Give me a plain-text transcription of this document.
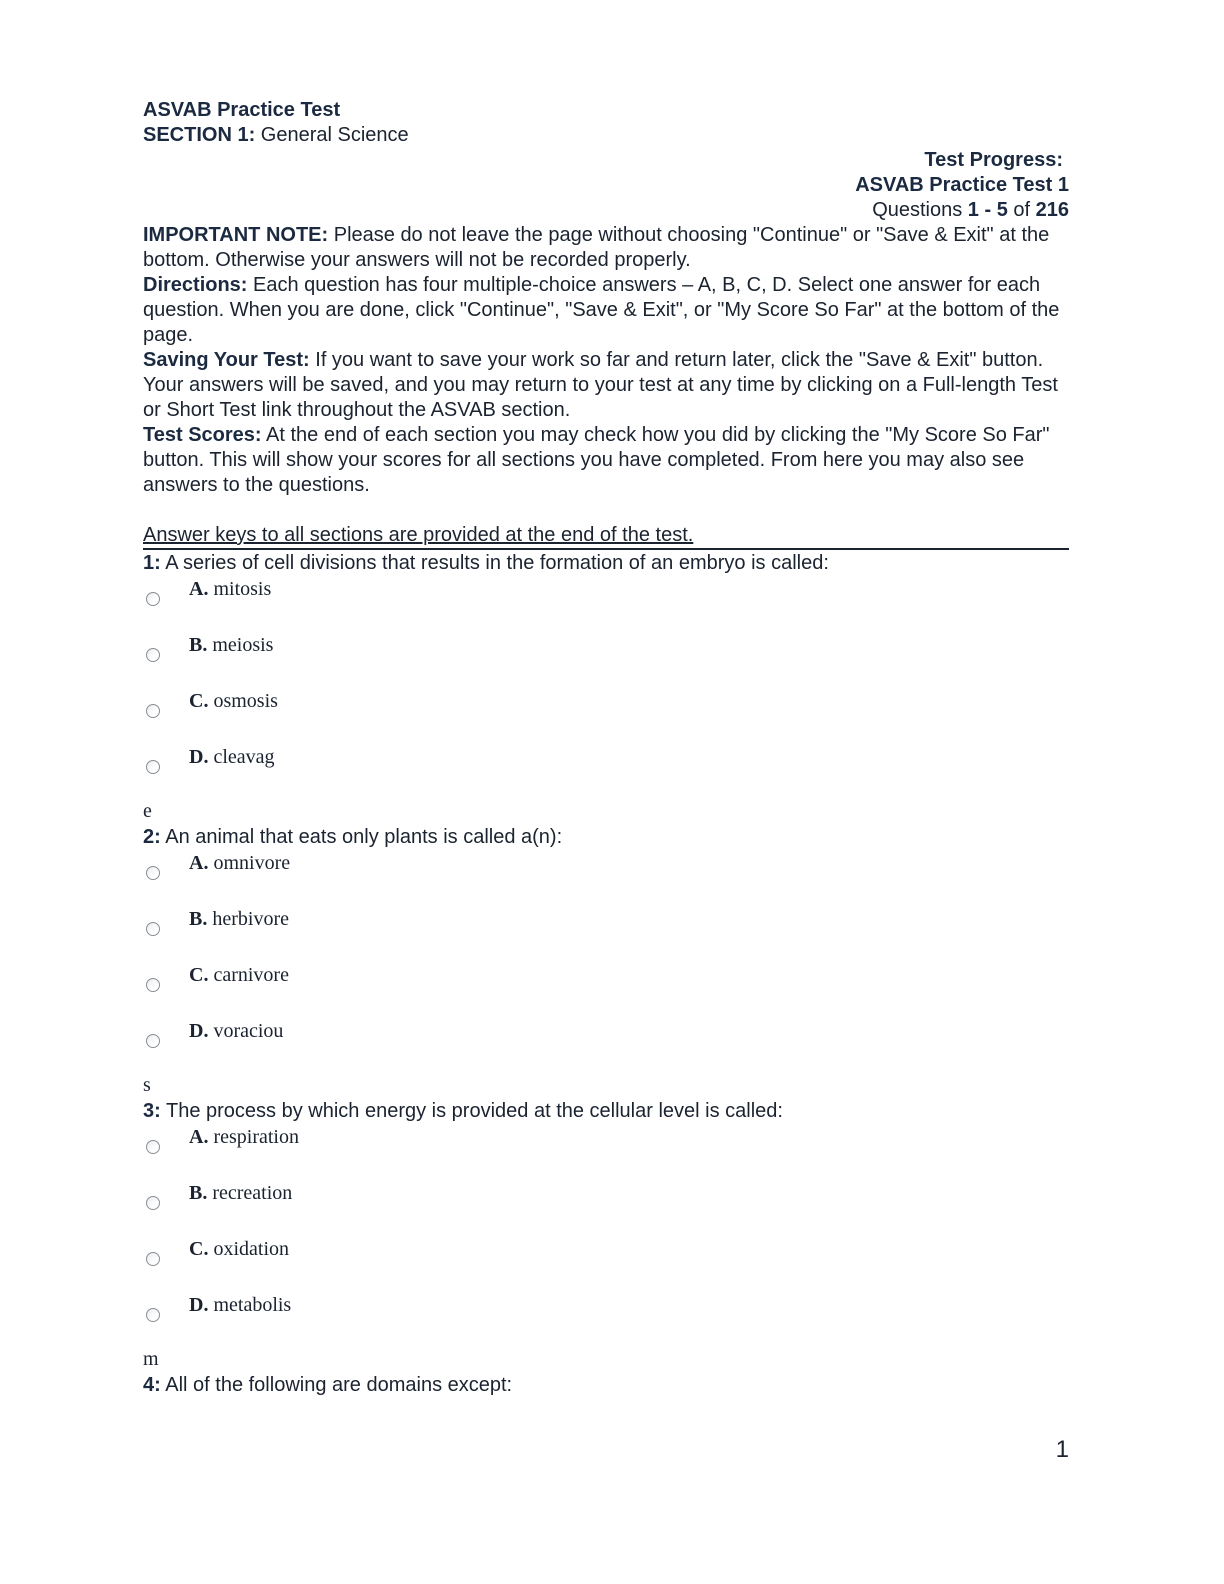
ASVAB Practice Test
SECTION 1: General Science
Test Progress:
ASVAB Practice Test 1
Questions 1 - 5 of 216
IMPORTANT NOTE: Please do not leave the page without choosing "Continue" or "Save & Exit" at the bottom. Otherwise your answers will not be recorded properly.
Directions: Each question has four multiple-choice answers – A, B, C, D. Select one answer for each question. When you are done, click "Continue", "Save & Exit", or "My Score So Far" at the bottom of the page.
Saving Your Test: If you want to save your work so far and return later, click the "Save & Exit" button. Your answers will be saved, and you may return to your test at any time by clicking on a Full-length Test or Short Test link throughout the ASVAB section.
Test Scores: At the end of each section you may check how you did by clicking the "My Score So Far" button. This will show your scores for all sections you have completed. From here you may also see answers to the questions.
Answer keys to all sections are provided at the end of the test.
1: A series of cell divisions that results in the formation of an embryo is called:
A. mitosis
B. meiosis
C. osmosis
D. cleavag
e
2: An animal that eats only plants is called a(n):
A. omnivore
B. herbivore
C. carnivore
D. voraciou
s
3: The process by which energy is provided at the cellular level is called:
A. respiration
B. recreation
C. oxidation
D. metabolis
m
4: All of the following are domains except:
1
